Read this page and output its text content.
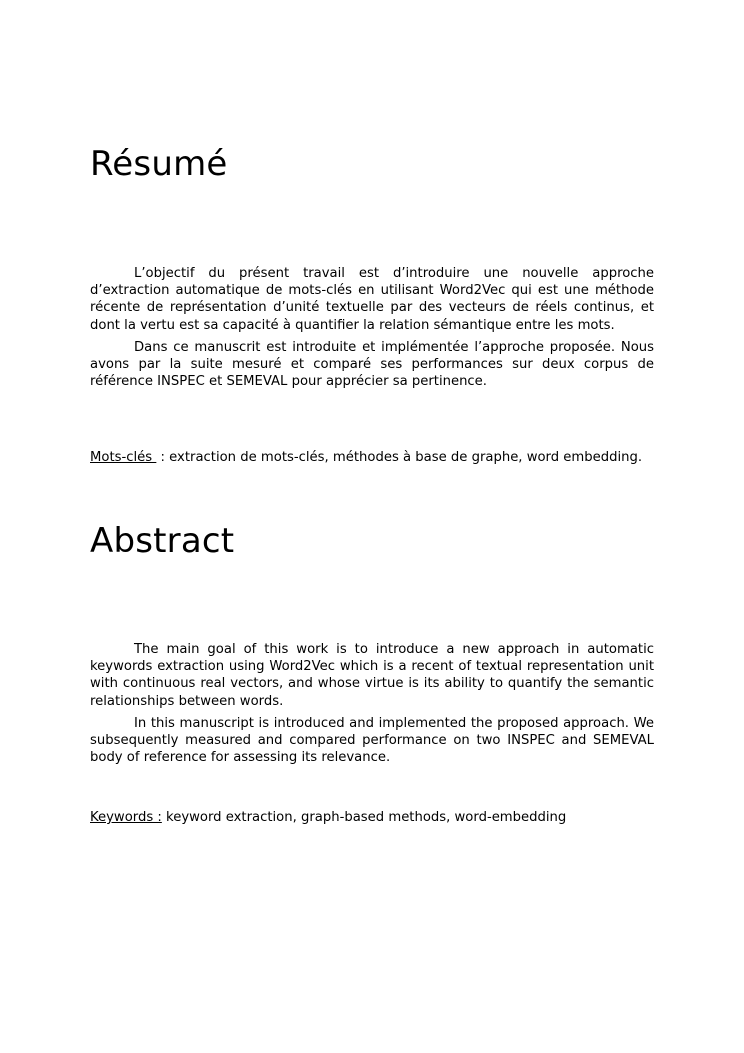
Résumé

L’objectif du présent travail est d’introduire une nouvelle approche d’extraction automatique de mots-clés en utilisant Word2Vec qui est une méthode récente de représentation d’unité textuelle par des vecteurs de réels continus, et dont la vertu est sa capacité à quantifier la relation sémantique entre les mots.

Dans ce manuscrit est introduite et implémentée l’approche proposée. Nous avons par la suite mesuré et comparé ses performances sur deux corpus de référence INSPEC et SEMEVAL pour apprécier sa pertinence.

Mots-clés  : extraction de mots-clés, méthodes à base de graphe, word embedding.
Abstract

The main goal of this work is to introduce a new approach in automatic keywords extraction using Word2Vec which is a recent of textual representation unit with continuous real vectors, and whose virtue is its ability to quantify the semantic relationships between words.

In this manuscript is introduced and implemented the proposed approach. We subsequently measured and compared performance on two INSPEC and SEMEVAL body of reference for assessing its relevance.

Keywords : keyword extraction, graph-based methods, word-embedding
